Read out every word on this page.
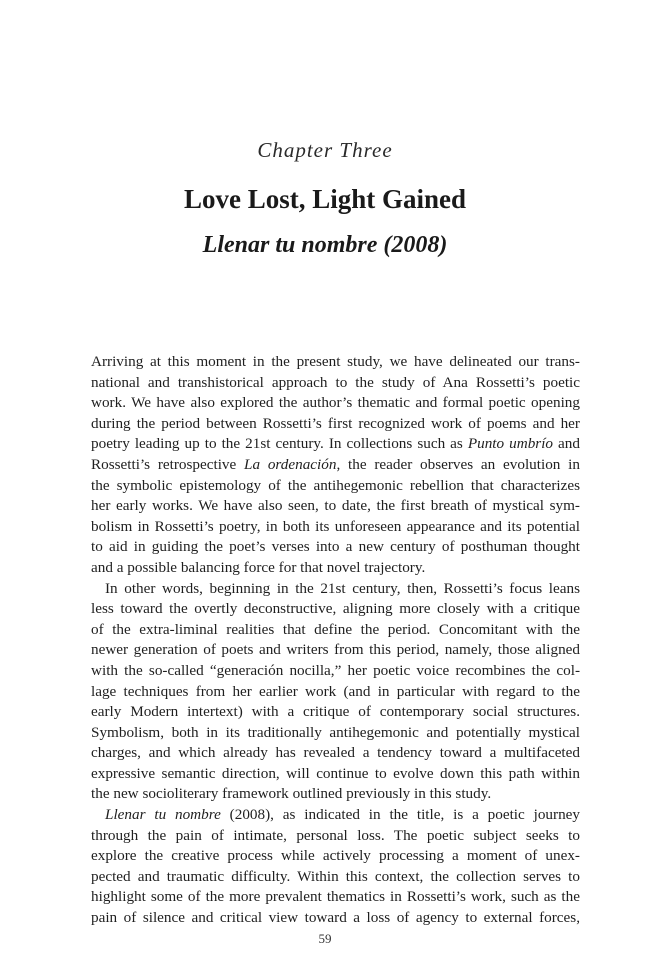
Chapter Three
Love Lost, Light Gained
Llenar tu nombre (2008)
Arriving at this moment in the present study, we have delineated our trans-
national and transhistorical approach to the study of Ana Rossetti’s poetic
work. We have also explored the author’s thematic and formal poetic opening
during the period between Rossetti’s first recognized work of poems and her
poetry leading up to the 21st century. In collections such as Punto umbrío and
Rossetti’s retrospective La ordenación, the reader observes an evolution in
the symbolic epistemology of the antihegemonic rebellion that characterizes
her early works. We have also seen, to date, the first breath of mystical sym-
bolism in Rossetti’s poetry, in both its unforeseen appearance and its potential
to aid in guiding the poet’s verses into a new century of posthuman thought
and a possible balancing force for that novel trajectory.
In other words, beginning in the 21st century, then, Rossetti’s focus leans
less toward the overtly deconstructive, aligning more closely with a critique
of the extra-liminal realities that define the period. Concomitant with the
newer generation of poets and writers from this period, namely, those aligned
with the so-called “generación nocilla,” her poetic voice recombines the col-
lage techniques from her earlier work (and in particular with regard to the
early Modern intertext) with a critique of contemporary social structures.
Symbolism, both in its traditionally antihegemonic and potentially mystical
charges, and which already has revealed a tendency toward a multifaceted
expressive semantic direction, will continue to evolve down this path within
the new socioliterary framework outlined previously in this study.
Llenar tu nombre (2008), as indicated in the title, is a poetic journey
through the pain of intimate, personal loss. The poetic subject seeks to
explore the creative process while actively processing a moment of unex-
pected and traumatic difficulty. Within this context, the collection serves to
highlight some of the more prevalent thematics in Rossetti’s work, such as the
pain of silence and critical view toward a loss of agency to external forces,
59
